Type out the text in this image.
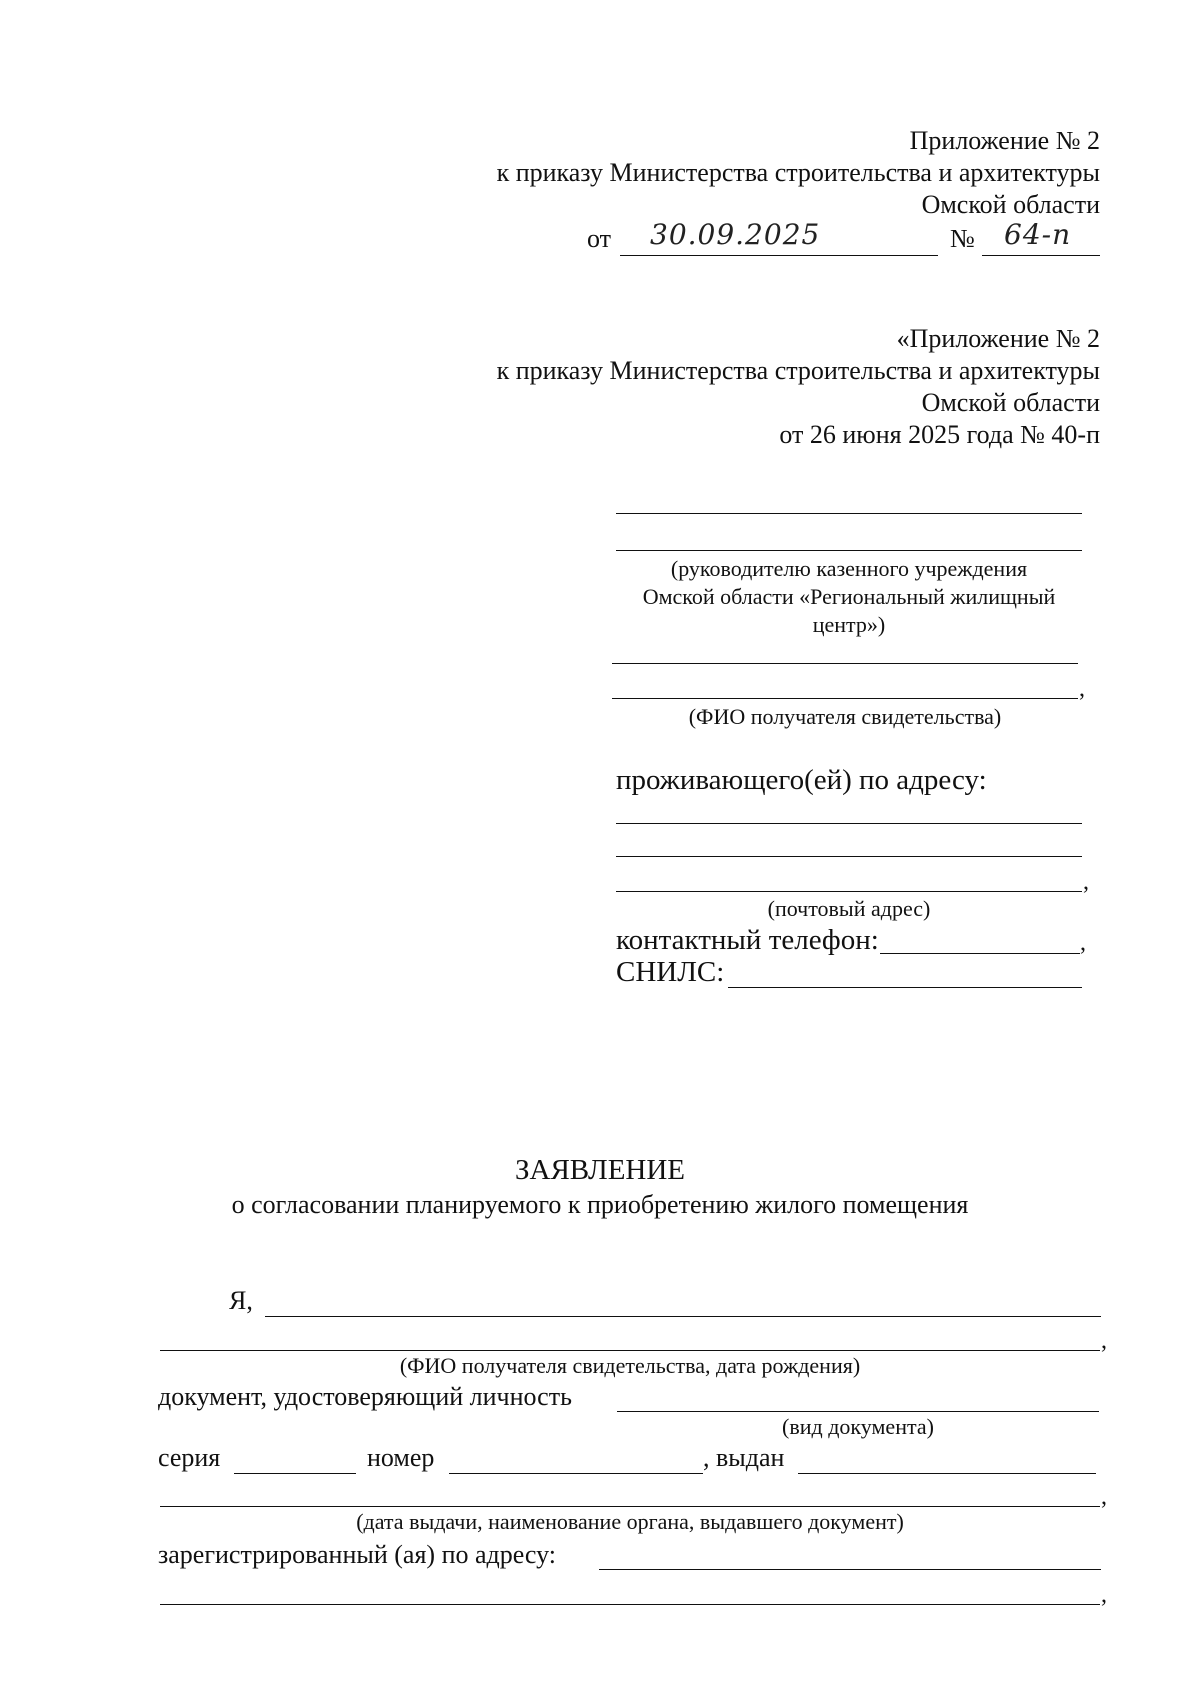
Приложение № 2
к приказу Министерства строительства и архитектуры
Омской области
от 30.09.2025	№ 64-п
«Приложение № 2
к приказу Министерства строительства и архитектуры
Омской области
от 26 июня 2025 года № 40-п
(руководителю казенного учреждения
Омской области «Региональный жилищный
центр»)
,
(ФИО получателя свидетельства)
проживающего(ей) по адресу:
,
(почтовый адрес)
контактный телефон:	,
СНИЛС:
ЗАЯВЛЕНИЕ
о согласовании планируемого к приобретению жилого помещения
Я,
,
(ФИО получателя свидетельства, дата рождения)
документ, удостоверяющий личность
(вид документа)
серия	номер	, выдан
,
(дата выдачи, наименование органа, выдавшего документ)
зарегистрированный (ая) по адресу:
,
